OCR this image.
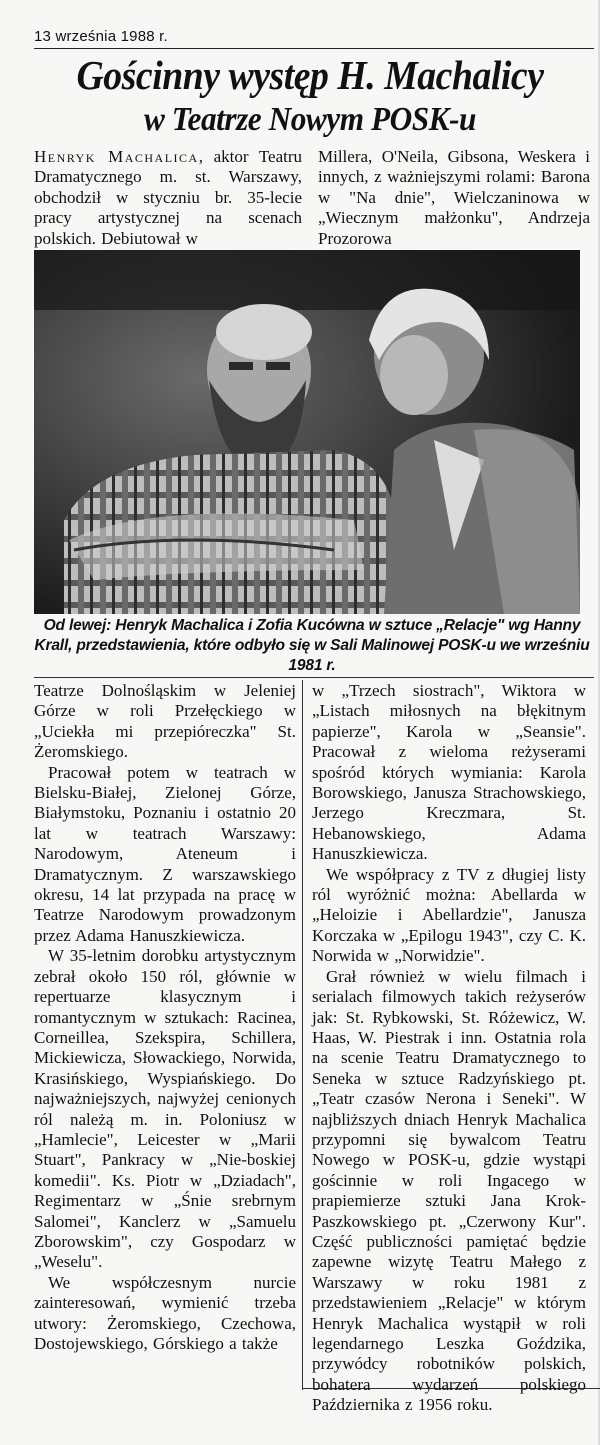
13 września 1988 r.
Gościnny występ H. Machalicy
w Teatrze Nowym POSK-u

Henryk Machalica, aktor Teatru Dramatycznego m. st. Warszawy, obchodził w styczniu br. 35-lecie pracy artystycznej na scenach polskich. Debiutował w

Millera, O'Neila, Gibsona, Weskera i innych, z ważniejszymi rolami: Barona w "Na dnie", Wielczaninowa w „Wiecznym małżonku", Andrzeja Prozorowa

Od lewej: Henryk Machalica i Zofia Kucówna w sztuce „Relacje" wg Hanny Krall, przedstawienia, które odbyło się w Sali Malinowej POSK-u we wrześniu 1981 r.

Teatrze Dolnośląskim w Jeleniej Górze w roli Przełęckiego w „Uciekła mi przepióreczka" St. Żeromskiego.

Pracował potem w teatrach w Bielsku-Białej, Zielonej Górze, Białymstoku, Poznaniu i ostatnio 20 lat w teatrach Warszawy: Narodowym, Ateneum i Dramatycznym. Z warszawskiego okresu, 14 lat przypada na pracę w Teatrze Narodowym prowadzonym przez Adama Hanuszkiewicza.

W 35-letnim dorobku artystycznym zebrał około 150 ról, głównie w repertuarze klasycznym i romantycznym w sztukach: Racinea, Corneillea, Szekspira, Schillera, Mickiewicza, Słowackiego, Norwida, Krasińskiego, Wyspiańskiego. Do najważniejszych, najwyżej cenionych ról należą m. in. Poloniusz w „Hamlecie", Leicester w „Marii Stuart", Pankracy w „Nie-boskiej komedii". Ks. Piotr w „Dziadach", Regimentarz w „Śnie srebrnym Salomei", Kanclerz w „Samuelu Zborowskim", czy Gospodarz w „Weselu".

We współczesnym nurcie zainteresowań, wymienić trzeba utwory: Żeromskiego, Czechowa, Dostojewskiego, Górskiego a także

w „Trzech siostrach", Wiktora w „Listach miłosnych na błękitnym papierze", Karola w „Seansie". Pracował z wieloma reżyserami spośród których wymiania: Karola Borowskiego, Janusza Strachowskiego, Jerzego Kreczmara, St. Hebanowskiego, Adama Hanuszkiewicza.

We współpracy z TV z długiej listy ról wyróżnić można: Abellarda w „Heloizie i Abellardzie", Janusza Korczaka w „Epilogu 1943", czy C. K. Norwida w „Norwidzie".

Grał również w wielu filmach i serialach filmowych takich reżyserów jak: St. Rybkowski, St. Różewicz, W. Haas, W. Piestrak i inn. Ostatnia rola na scenie Teatru Dramatycznego to Seneka w sztuce Radzyńskiego pt. „Teatr czasów Nerona i Seneki". W najbliższych dniach Henryk Machalica przypomni się bywalcom Teatru Nowego w POSK-u, gdzie wystąpi gościnnie w roli Ingacego w prapiemierze sztuki Jana Krok-Paszkowskiego pt. „Czerwony Kur". Część publiczności pamiętać będzie zapewne wizytę Teatru Małego z Warszawy w roku 1981 z przedstawieniem „Relacje" w którym Henryk Machalica wystąpił w roli legendarnego Leszka Goździka, przywódcy robotników polskich, bohatera wydarzeń polskiego Października z 1956 roku.
